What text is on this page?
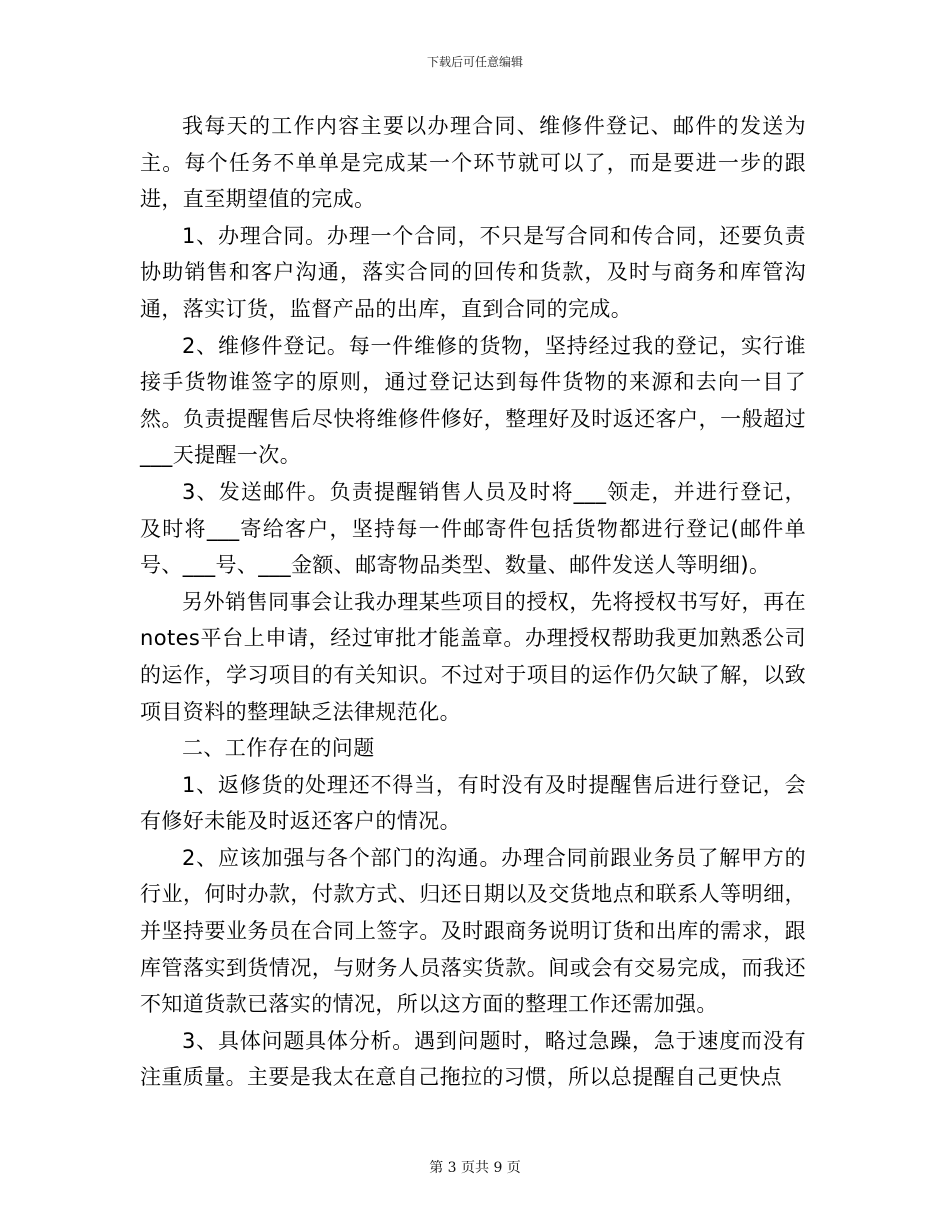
下载后可任意编辑

我每天的工作内容主要以办理合同、维修件登记、邮件的发送为主。每个任务不单单是完成某一个环节就可以了，而是要进一步的跟进，直至期望值的完成。

1、办理合同。办理一个合同，不只是写合同和传合同，还要负责协助销售和客户沟通，落实合同的回传和货款，及时与商务和库管沟通，落实订货，监督产品的出库，直到合同的完成。

2、维修件登记。每一件维修的货物，坚持经过我的登记，实行谁接手货物谁签字的原则，通过登记达到每件货物的来源和去向一目了然。负责提醒售后尽快将维修件修好，整理好及时返还客户，一般超过___天提醒一次。

3、发送邮件。负责提醒销售人员及时将___领走，并进行登记，及时将___寄给客户，坚持每一件邮寄件包括货物都进行登记(邮件单号、___号、___金额、邮寄物品类型、数量、邮件发送人等明细)。

另外销售同事会让我办理某些项目的授权，先将授权书写好，再在notes平台上申请，经过审批才能盖章。办理授权帮助我更加熟悉公司的运作，学习项目的有关知识。不过对于项目的运作仍欠缺了解，以致项目资料的整理缺乏法律规范化。

二、工作存在的问题

1、返修货的处理还不得当，有时没有及时提醒售后进行登记，会有修好未能及时返还客户的情况。

2、应该加强与各个部门的沟通。办理合同前跟业务员了解甲方的行业，何时办款，付款方式、归还日期以及交货地点和联系人等明细，并坚持要业务员在合同上签字。及时跟商务说明订货和出库的需求，跟库管落实到货情况，与财务人员落实货款。间或会有交易完成，而我还不知道货款已落实的情况，所以这方面的整理工作还需加强。

3、具体问题具体分析。遇到问题时，略过急躁，急于速度而没有注重质量。主要是我太在意自己拖拉的习惯，所以总提醒自己更快点

第 3 页共 9 页
